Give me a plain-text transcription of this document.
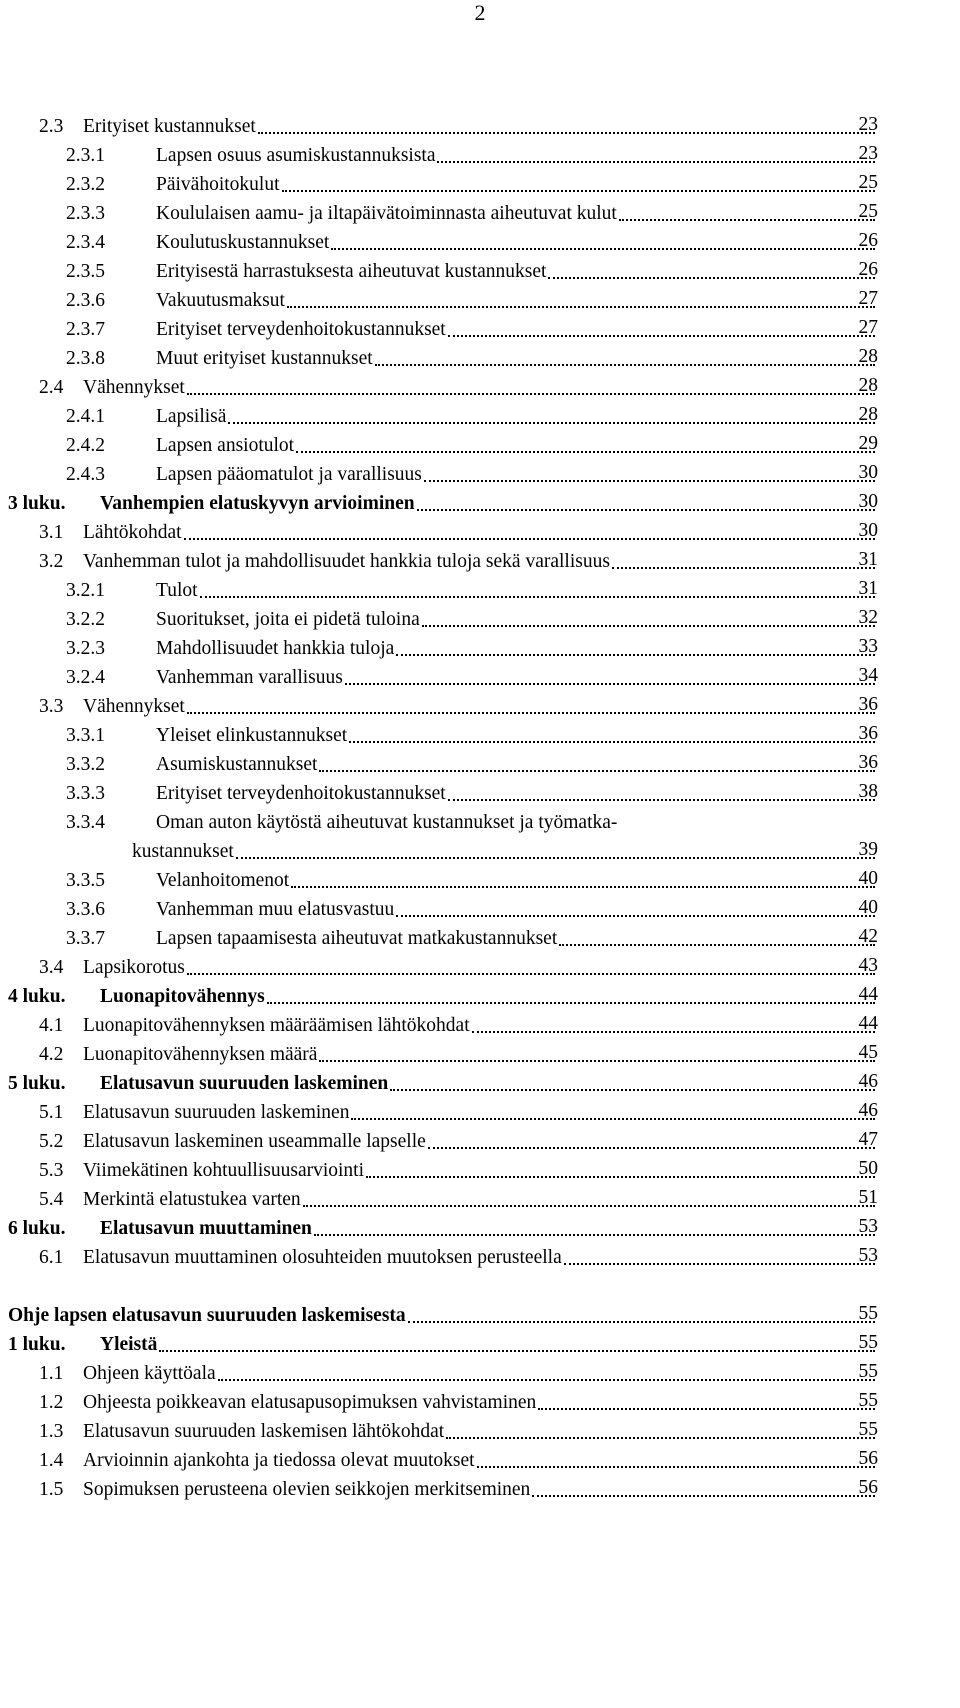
2
2.3	Erityiset kustannukset	23
2.3.1	Lapsen osuus asumiskustannuksista	23
2.3.2	Päivähoitokulut	25
2.3.3	Koululaisen aamu- ja iltapäivätoiminnasta aiheutuvat kulut	25
2.3.4	Koulutuskustannukset	26
2.3.5	Erityisestä harrastuksesta aiheutuvat kustannukset	26
2.3.6	Vakuutusmaksut	27
2.3.7	Erityiset terveydenhoitokustannukset	27
2.3.8	Muut erityiset kustannukset	28
2.4	Vähennykset	28
2.4.1	Lapsilisä	28
2.4.2	Lapsen ansiotulot	29
2.4.3	Lapsen pääomatulot ja varallisuus	30
3 luku.	Vanhempien elatuskyvyn arvioiminen	30
3.1	Lähtökohdat	30
3.2	Vanhemman tulot ja mahdollisuudet hankkia tuloja sekä varallisuus	31
3.2.1	Tulot	31
3.2.2	Suoritukset, joita ei pidetä tuloina	32
3.2.3	Mahdollisuudet hankkia tuloja	33
3.2.4	Vanhemman varallisuus	34
3.3	Vähennykset	36
3.3.1	Yleiset elinkustannukset	36
3.3.2	Asumiskustannukset	36
3.3.3	Erityiset terveydenhoitokustannukset	38
3.3.4	Oman auton käytöstä aiheutuvat kustannukset ja työmatka-
kustannukset	39
3.3.5	Velanhoitomenot	40
3.3.6	Vanhemman muu elatusvastuu	40
3.3.7	Lapsen tapaamisesta aiheutuvat matkakustannukset	42
3.4	Lapsikorotus	43
4 luku.	Luonapitovähennys	44
4.1	Luonapitovähennyksen määräämisen lähtökohdat	44
4.2	Luonapitovähennyksen määrä	45
5 luku.	Elatusavun suuruuden laskeminen	46
5.1	Elatusavun suuruuden laskeminen	46
5.2	Elatusavun laskeminen useammalle lapselle	47
5.3	Viimekätinen kohtuullisuusarviointi	50
5.4	Merkintä elatustukea varten	51
6 luku.	Elatusavun muuttaminen	53
6.1	Elatusavun muuttaminen olosuhteiden muutoksen perusteella	53
Ohje lapsen elatusavun suuruuden laskemisesta	55
1 luku.	Yleistä	55
1.1	Ohjeen käyttöala	55
1.2	Ohjeesta poikkeavan elatusapusopimuksen vahvistaminen	55
1.3	Elatusavun suuruuden laskemisen lähtökohdat	55
1.4	Arvioinnin ajankohta ja tiedossa olevat muutokset	56
1.5	Sopimuksen perusteena olevien seikkojen merkitseminen	56
